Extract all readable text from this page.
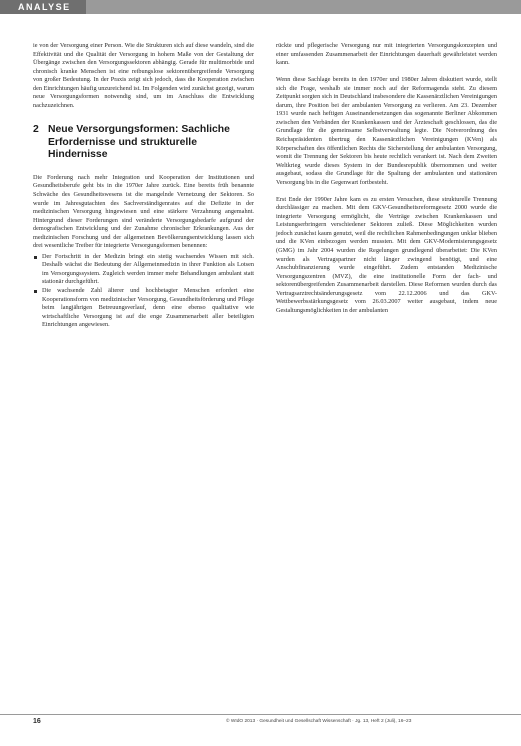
ANALYSE

ie von der Versorgung einer Person. Wie die Strukturen sich auf diese wandeln, sind die Effektivität und die Qualität der Versorgung in hohem Maße von der Gestaltung der Übergänge zwischen den Versorgungssektoren abhängig. Gerade für multimorbide und chronisch kranke Menschen ist eine reibungslose sektorenübergreifende Versorgung von großer Bedeutung. In der Praxis zeigt sich jedoch, dass die Kooperation zwischen den Einrichtungen häufig unzureichend ist. Im Folgenden wird zunächst gezeigt, warum neue Versorgungsformen notwendig sind, um im Anschluss die Entwicklung nachzuzeichnen.

2 Neue Versorgungsformen: Sachliche Erfordernisse und strukturelle Hindernisse

Die Forderung nach mehr Integration und Kooperation der Institutionen und Gesundheitsberufe geht bis in die 1970er Jahre zurück. Eine bereits früh benannte Schwäche des Gesundheitswesens ist die mangelnde Vernetzung der Sektoren. So wurde im Jahresgutachten des Sachverständigenrates auf die Defizite in der medizinischen Versorgung hingewiesen und eine stärkere Verzahnung angemahnt. Hintergrund dieser Forderungen sind veränderte Versorgungsbedarfe aufgrund der demografischen Entwicklung und der Zunahme chronischer Erkrankungen. Aus der medizinischen Forschung und der allgemeinen Bevölkerungsentwicklung lassen sich drei wesentliche Treiber für integrierte Versorgungsformen benennen:

Der Fortschritt in der Medizin bringt ein stetig wachsendes Wissen mit sich. Deshalb wächst die Bedeutung der Allgemeinmedizin in ihrer Funktion als Lotsen im Versorgungssystem. Zugleich werden immer mehr Behandlungen ambulant statt stationär durchgeführt.
Die wachsende Zahl älterer und hochbetagter Menschen erfordert eine Kooperationsform von medizinischer Versorgung, Gesundheitsförderung und Pflege beim langjährigen Betreuungsverlauf, denn eine ebenso qualitative wie wirtschaftliche Versorgung ist auf die enge Zusammenarbeit aller beteiligten Einrichtungen angewiesen.

rückte und pflegerische Versorgung nur mit integrierten Versorgungskonzepten und einer umfassenden Zusammenarbeit der Einrichtungen dauerhaft gewährleistet werden kann.

Wenn diese Sachlage bereits in den 1970er und 1980er Jahren diskutiert wurde, stellt sich die Frage, weshalb sie immer noch auf der Reformagenda steht. Zu diesem Zeitpunkt sorgten sich in Deutschland insbesondere die Kassenärztlichen Vereinigungen darum, ihre Position bei der ambulanten Versorgung zu verlieren. Am 23. Dezember 1931 wurde nach heftigen Auseinandersetzungen das sogenannte Berliner Abkommen zwischen den Verbänden der Krankenkassen und der Ärzteschaft geschlossen, das die Grundlage für die gemeinsame Selbstverwaltung legte. Die Notverordnung des Reichspräsidenten übertrug den Kassenärztlichen Vereinigungen (KVen) als Körperschaften des öffentlichen Rechts die Sicherstellung der ambulanten Versorgung, womit die Trennung der Sektoren bis heute rechtlich verankert ist. Nach dem Zweiten Weltkrieg wurde dieses System in der Bundesrepublik übernommen und weiter ausgebaut, sodass die Grundlage für die Spaltung der ambulanten und stationären Versorgung bis in die Gegenwart fortbesteht.

Erst Ende der 1990er Jahre kam es zu ersten Versuchen, diese strukturelle Trennung durchlässiger zu machen. Mit dem GKV-Gesundheitsreformgesetz 2000 wurde die integrierte Versorgung ermöglicht, die Verträge zwischen Krankenkassen und Leistungserbringern verschiedener Sektoren zuließ. Diese Möglichkeiten wurden jedoch zunächst kaum genutzt, weil die rechtlichen Rahmenbedingungen unklar blieben und die KVen einbezogen werden mussten. Mit dem GKV-Modernisierungsgesetz (GMG) im Jahr 2004 wurden die Regelungen grundlegend überarbeitet: Die KVen wurden als Vertragspartner nicht länger zwingend benötigt, und eine Anschubfinanzierung wurde eingeführt. Zudem entstanden Medizinische Versorgungszentren (MVZ), die eine institutionelle Form der fach- und sektorenübergreifenden Zusammenarbeit darstellen. Diese Reformen wurden durch das Vertragsarztrechtsänderungsgesetz vom 22.12.2006 und das GKV-Wettbewerbsstärkungsgesetz vom 26.03.2007 weiter ausgebaut, indem neue Gestaltungsmöglichkeiten in der ambulanten

16	© WIdO 2013 · Gesundheit und Gesellschaft Wissenschaft · Jg. 13, Heft 2 (Juli), 16–23
